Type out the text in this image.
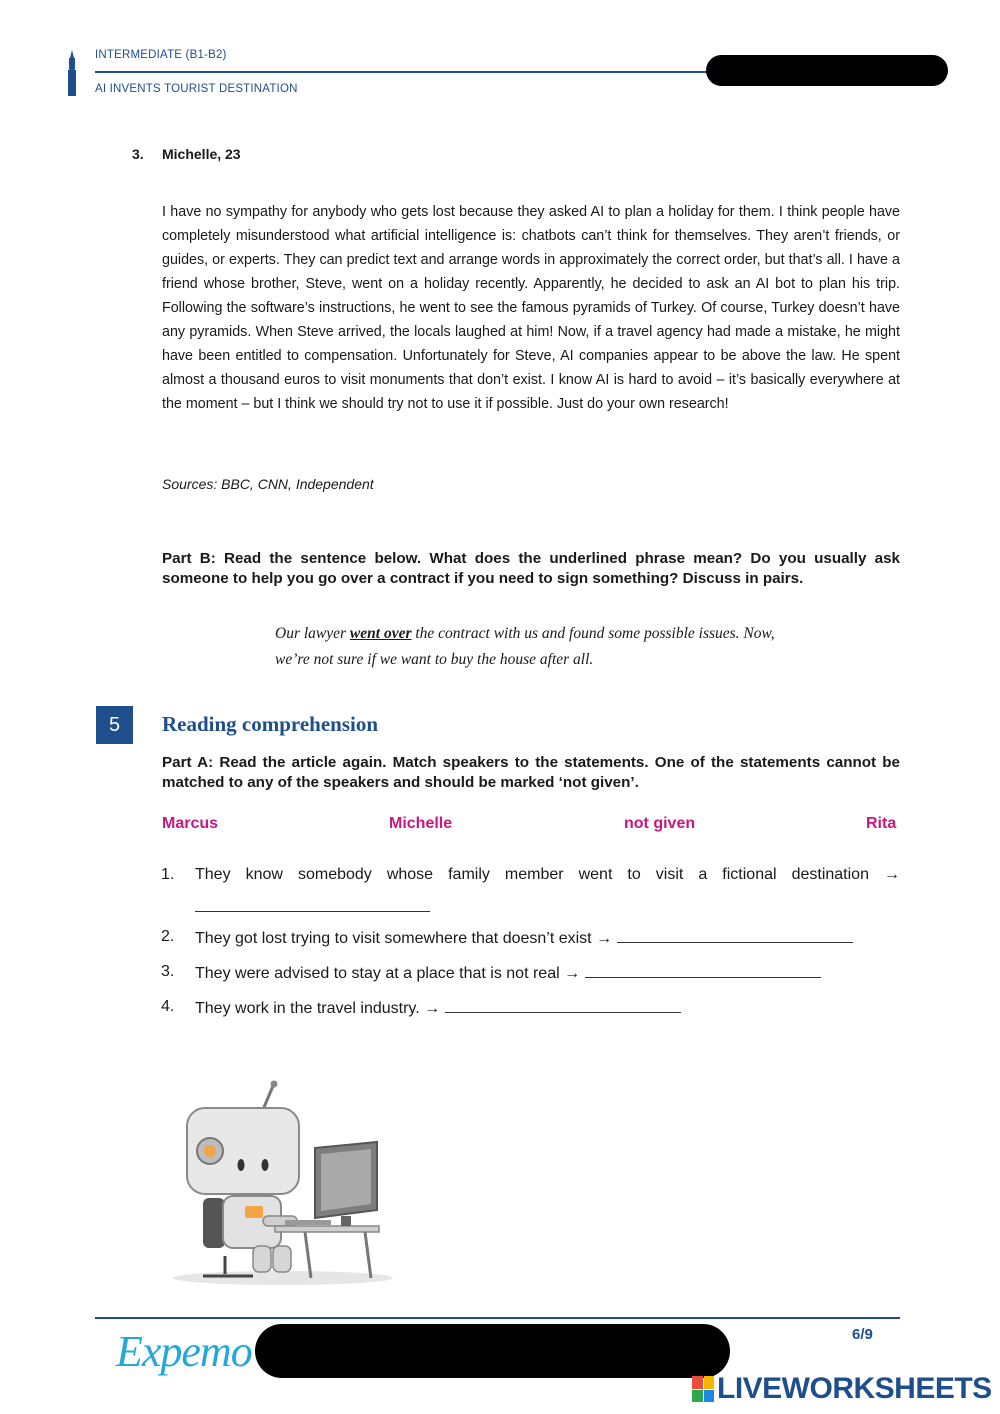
INTERMEDIATE (B1-B2)
AI INVENTS TOURIST DESTINATION
3. Michelle, 23
I have no sympathy for anybody who gets lost because they asked AI to plan a holiday for them. I think people have completely misunderstood what artificial intelligence is: chatbots can’t think for themselves. They aren’t friends, or guides, or experts. They can predict text and arrange words in approximately the correct order, but that’s all. I have a friend whose brother, Steve, went on a holiday recently. Apparently, he decided to ask an AI bot to plan his trip. Following the software’s instructions, he went to see the famous pyramids of Turkey. Of course, Turkey doesn’t have any pyramids. When Steve arrived, the locals laughed at him! Now, if a travel agency had made a mistake, he might have been entitled to compensation. Unfortunately for Steve, AI companies appear to be above the law. He spent almost a thousand euros to visit monuments that don’t exist. I know AI is hard to avoid – it’s basically everywhere at the moment – but I think we should try not to use it if possible. Just do your own research!
Sources: BBC, CNN, Independent
Part B: Read the sentence below. What does the underlined phrase mean? Do you usually ask someone to help you go over a contract if you need to sign something? Discuss in pairs.
Our lawyer went over the contract with us and found some possible issues. Now, we’re not sure if we want to buy the house after all.
5	Reading comprehension
Part A: Read the article again. Match speakers to the statements. One of the statements cannot be matched to any of the speakers and should be marked ‘not given’.
Marcus	Michelle	not given	Rita
1. They know somebody whose family member went to visit a fictional destination →
2. They got lost trying to visit somewhere that doesn’t exist →
3. They were advised to stay at a place that is not real →
4. They work in the travel industry. →
Expemo	6/9
LIVEWORKSHEETS
